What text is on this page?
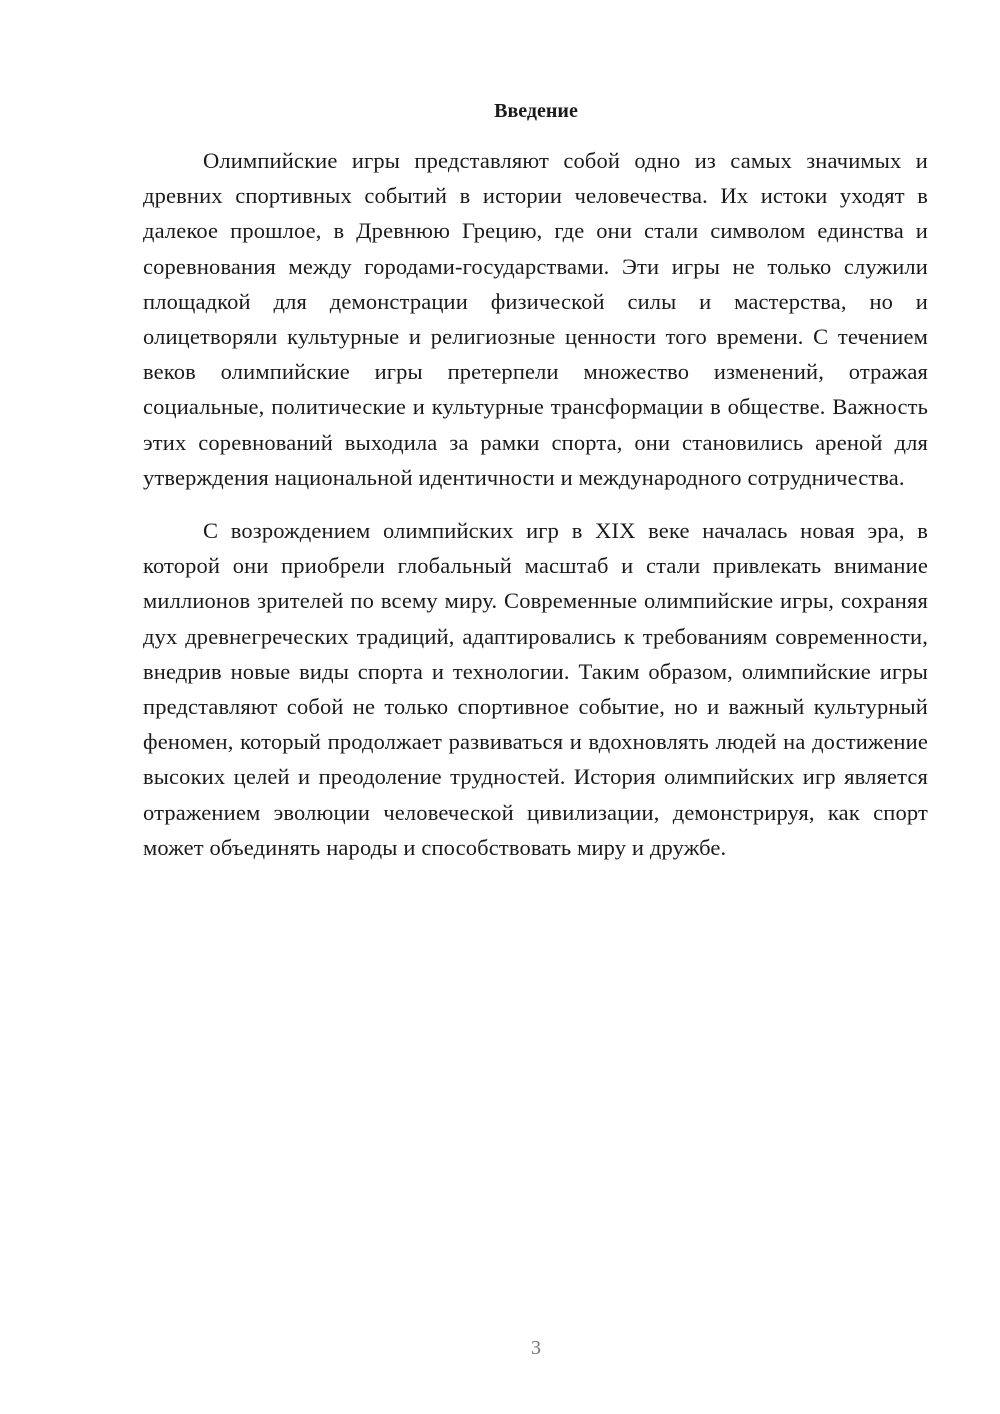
Введение

Олимпийские игры представляют собой одно из самых значимых и древних спортивных событий в истории человечества. Их истоки уходят в далекое прошлое, в Древнюю Грецию, где они стали символом единства и соревнования между городами-государствами. Эти игры не только служили площадкой для демонстрации физической силы и мастерства, но и олицетворяли культурные и религиозные ценности того времени. С течением веков олимпийские игры претерпели множество изменений, отражая социальные, политические и культурные трансформации в обществе. Важность этих соревнований выходила за рамки спорта, они становились ареной для утверждения национальной идентичности и международного сотрудничества.

С возрождением олимпийских игр в XIX веке началась новая эра, в которой они приобрели глобальный масштаб и стали привлекать внимание миллионов зрителей по всему миру. Современные олимпийские игры, сохраняя дух древнегреческих традиций, адаптировались к требованиям современности, внедрив новые виды спорта и технологии. Таким образом, олимпийские игры представляют собой не только спортивное событие, но и важный культурный феномен, который продолжает развиваться и вдохновлять людей на достижение высоких целей и преодоление трудностей. История олимпийских игр является отражением эволюции человеческой цивилизации, демонстрируя, как спорт может объединять народы и способствовать миру и дружбе.

3
